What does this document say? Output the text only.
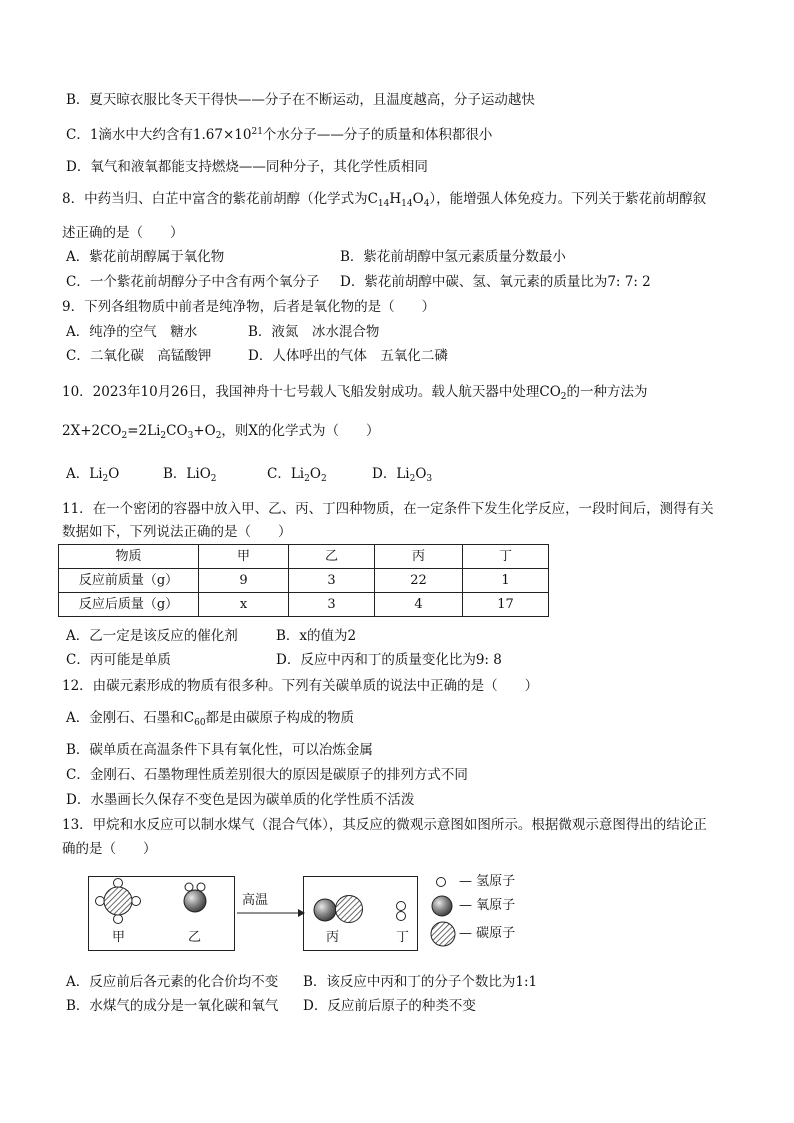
B．夏天晾衣服比冬天干得快——分子在不断运动，且温度越高，分子运动越快
C．1滴水中大约含有$1.67\times 10^{21}$个水分子——分子的质量和体积都很小
D．氧气和液氧都能支持燃烧——同种分子，其化学性质相同
8．中药当归、白芷中富含的紫花前胡醇（化学式为$C_{14}H_{14}O_4$），能增强人体免疫力。下列关于紫花前胡醇叙
述正确的是（　　）
A．紫花前胡醇属于氧化物	B．紫花前胡醇中氢元素质量分数最小
C．一个紫花前胡醇分子中含有两个氧分子 D．紫花前胡醇中碳、氢、氧元素的质量比为7: 7: 2
9．下列各组物质中前者是纯净物，后者是氧化物的是（　　）
A．纯净的空气　糖水	B．液氮　冰水混合物
C．二氧化碳　高锰酸钾	D．人体呼出的气体　五氧化二磷
10．2023年10月26日，我国神舟十七号载人飞船发射成功。载人航天器中处理$CO_2$的一种方法为
$2X+2CO_2=2Li_2CO_3+O_2$，则X的化学式为（　　）
A．$Li_2O$	B．LiO$_2$	C．$Li_2O_2$	D．$Li_2O_3$
11．在一个密闭的容器中放入甲、乙、丙、丁四种物质，在一定条件下发生化学反应，一段时间后，测得有关
数据如下，下列说法正确的是（　　）
物质	甲	乙	丙	丁
反应前质量（g）	9	3	22	1
反应后质量（g）	x	3	4	17
A．乙一定是该反应的催化剂	B．x的值为2
C．丙可能是单质	D．反应中丙和丁的质量变化比为9: 8
12．由碳元素形成的物质有很多种。下列有关碳单质的说法中正确的是（　　）
A．金刚石、石墨和$C_{60}$都是由碳原子构成的物质
B．碳单质在高温条件下具有氧化性，可以冶炼金属
C．金刚石、石墨物理性质差别很大的原因是碳原子的排列方式不同
D．水墨画长久保存不变色是因为碳单质的化学性质不活泼
13．甲烷和水反应可以制水煤气（混合气体），其反应的微观示意图如图所示。根据微观示意图得出的结论正
确的是（　　）
甲	乙
高温
丙	丁
— 氢原子
— 氧原子
— 碳原子
A．反应前后各元素的化合价均不变 B．该反应中丙和丁的分子个数比为1:1
B．水煤气的成分是一氧化碳和氧气 D．反应前后原子的种类不变
